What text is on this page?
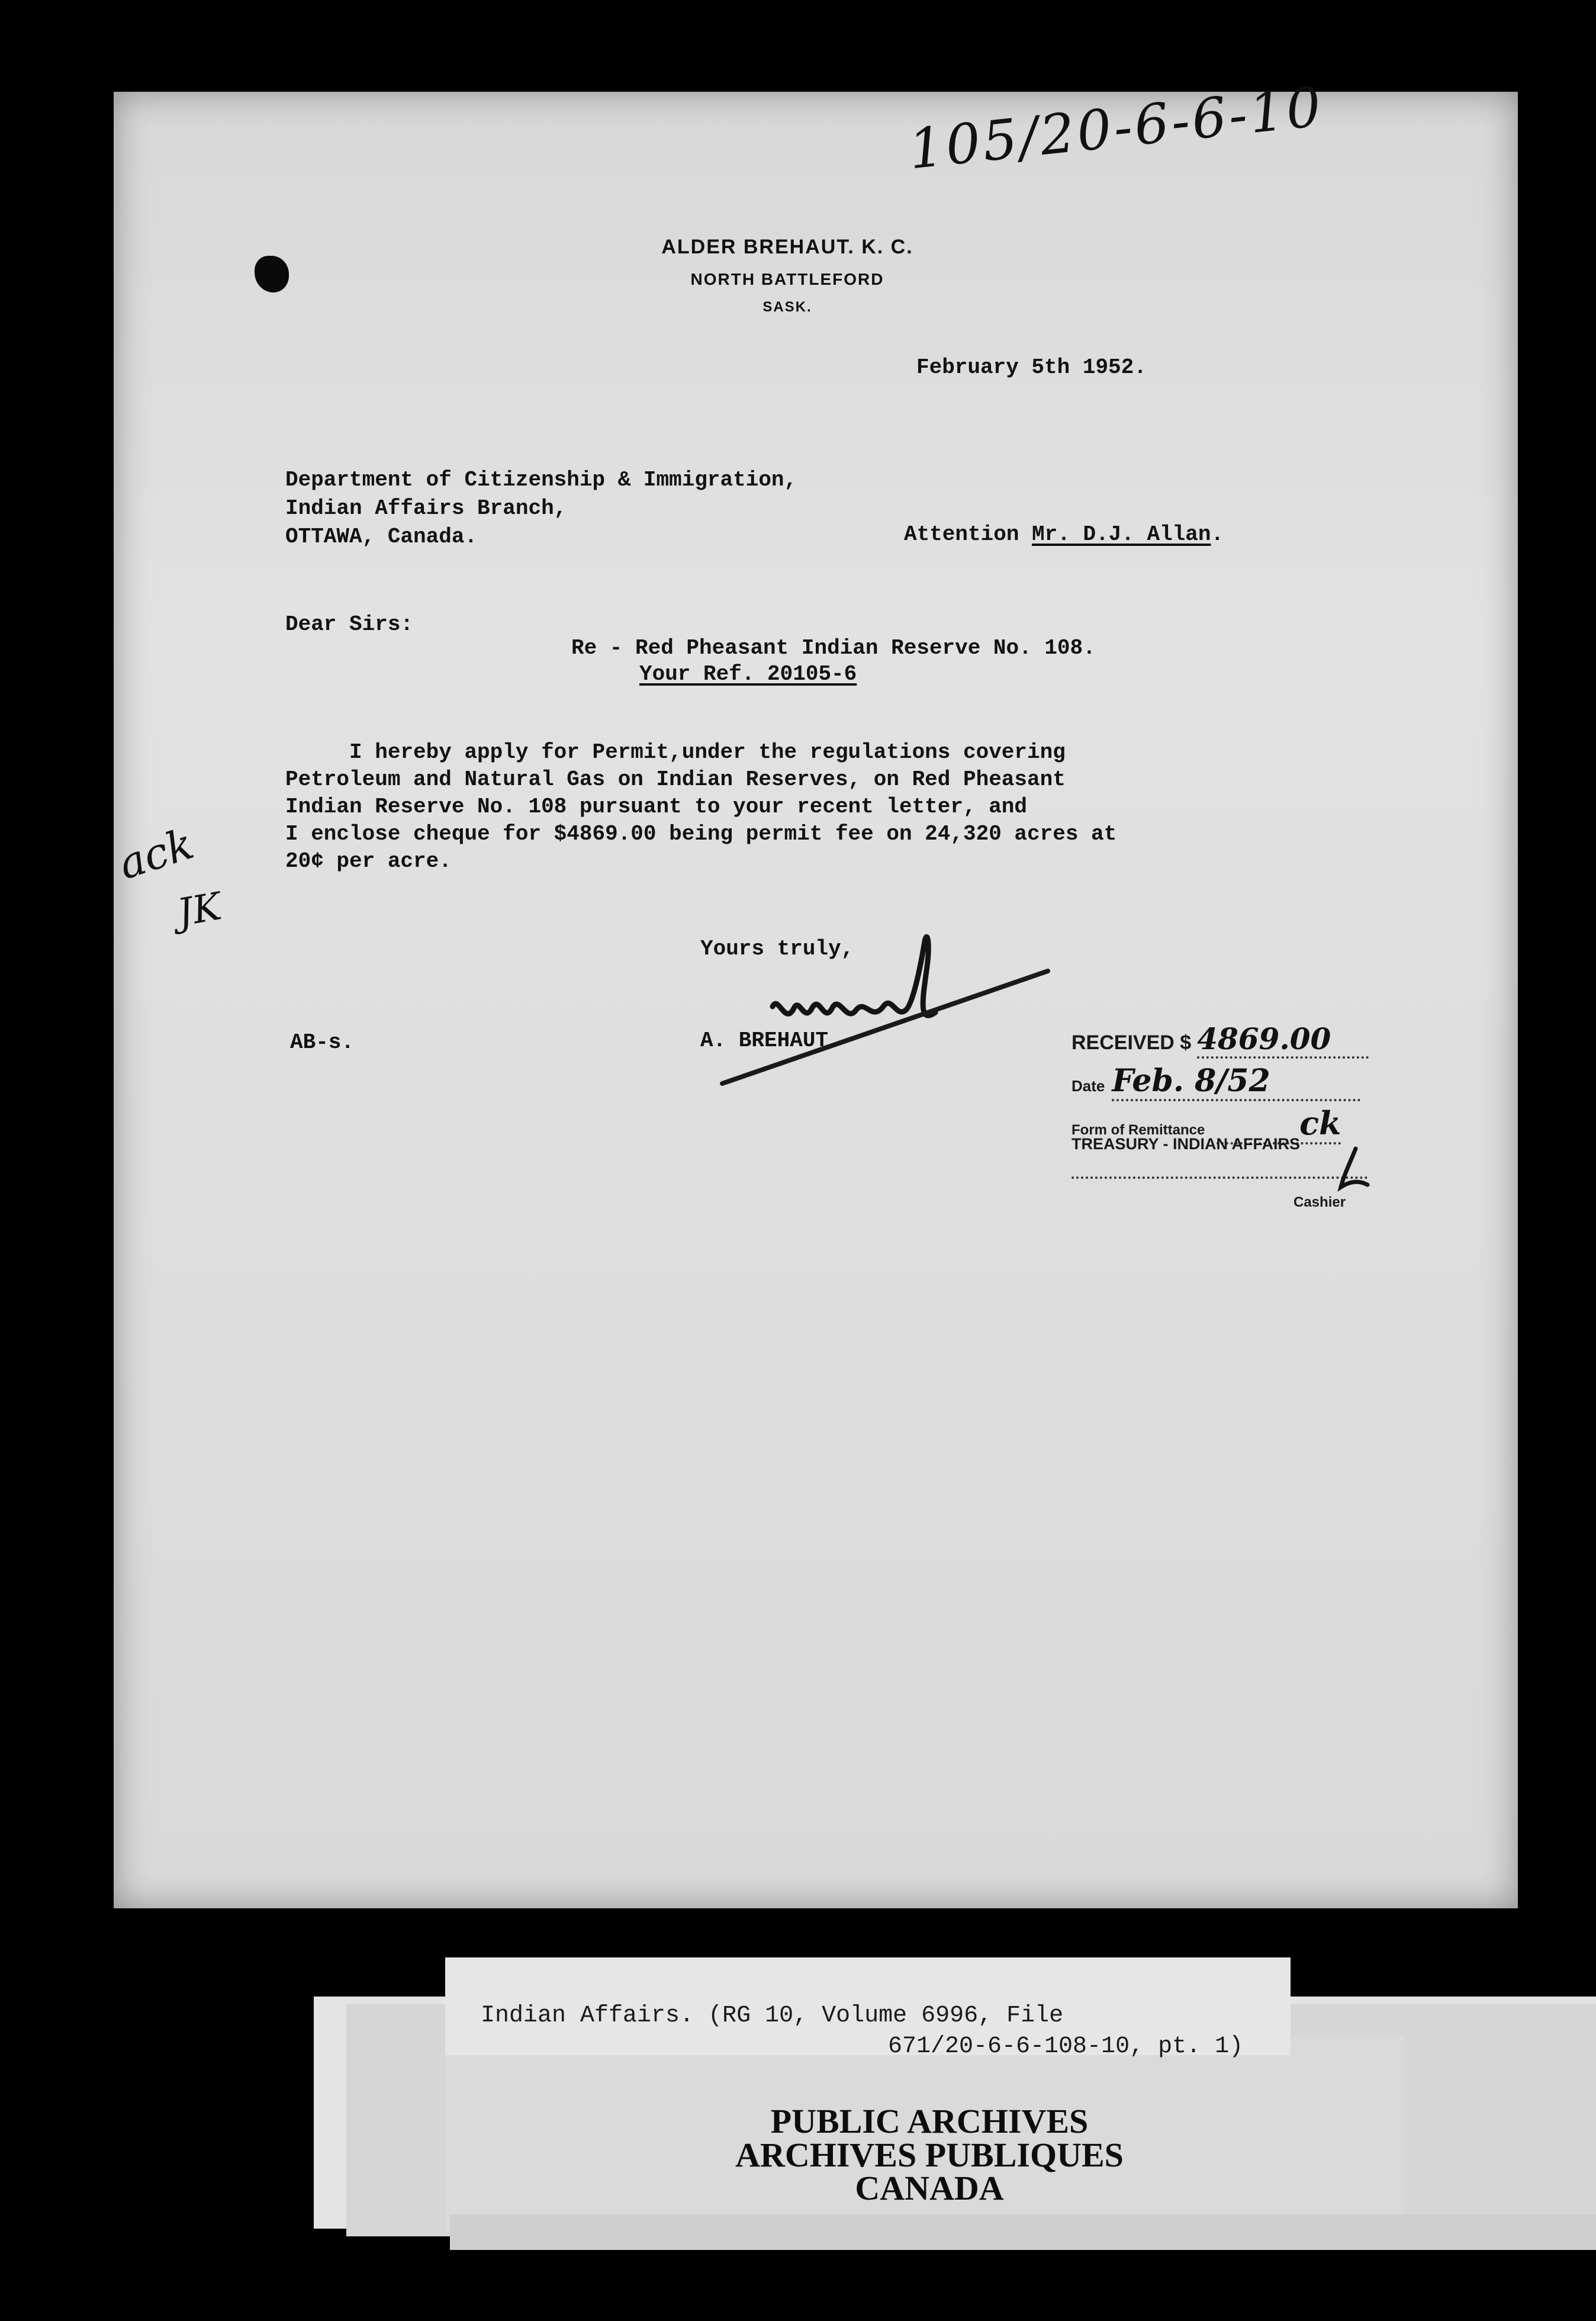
105/20-6-6-10
ALDER BREHAUT. K. C.
NORTH BATTLEFORD
SASK.
February 5th 1952.
Department of Citizenship & Immigration,
Indian Affairs Branch,
OTTAWA, Canada.	Attention Mr. D.J. Allan.
Dear Sirs:
Re - Red Pheasant Indian Reserve No. 108.
Your Ref. 20105-6
I hereby apply for Permit,under the regulations covering
Petroleum and Natural Gas on Indian Reserves, on Red Pheasant
Indian Reserve No. 108 pursuant to your recent letter, and
I enclose cheque for $4869.00 being permit fee on 24,320 acres at
20¢ per acre.
ack
JK
Yours truly,
A. BREHAUT.
AB-s.	RECEIVED $ 4869.00
Date Feb. 8/52
Form of Remittance	ck
TREASURY - INDIAN AFFAIRS
Cashier
Indian Affairs. (RG 10, Volume 6996, File
671/20-6-6-108-10, pt. 1)
PUBLIC ARCHIVES
ARCHIVES PUBLIQUES
CANADA
